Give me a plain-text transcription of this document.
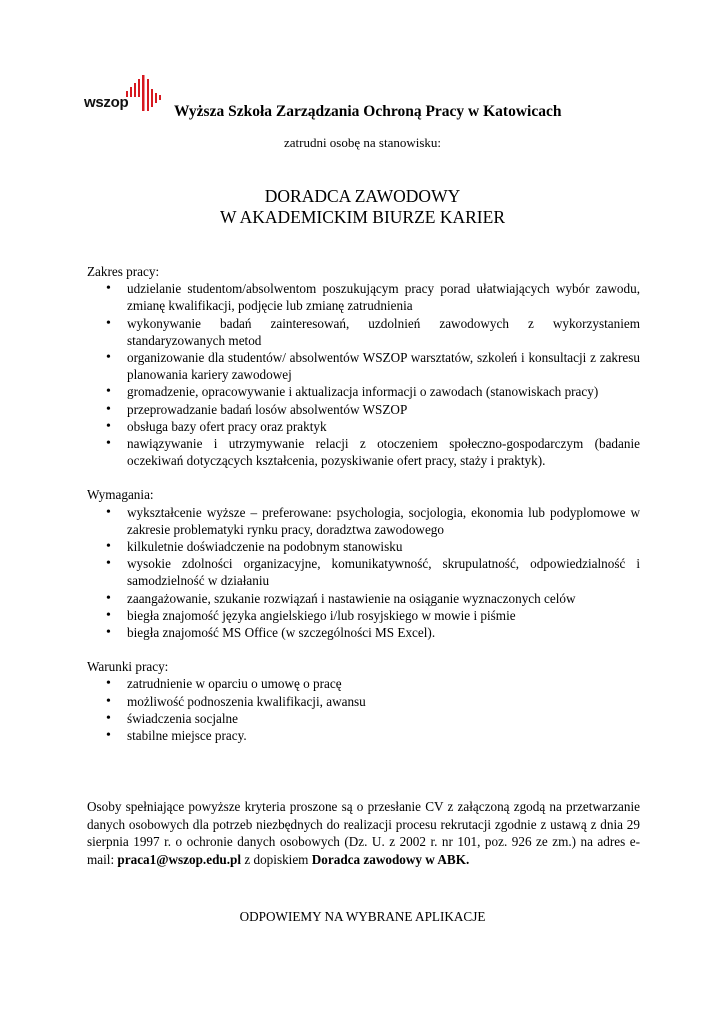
wszop
Wyższa Szkoła Zarządzania Ochroną Pracy w Katowicach
zatrudni osobę na stanowisku:
DORADCA ZAWODOWY
W AKADEMICKIM BIURZE KARIER

Zakres pracy:

• udzielanie studentom/absolwentom poszukującym pracy porad ułatwiających wybór zawodu, zmianę kwalifikacji, podjęcie lub zmianę zatrudnienia
• wykonywanie badań zainteresowań, uzdolnień zawodowych z wykorzystaniem standaryzowanych metod
• organizowanie dla studentów/ absolwentów WSZOP warsztatów, szkoleń i konsultacji z zakresu planowania kariery zawodowej
• gromadzenie, opracowywanie i aktualizacja informacji o zawodach (stanowiskach pracy)
• przeprowadzanie badań losów absolwentów WSZOP
• obsługa bazy ofert pracy oraz praktyk
• nawiązywanie i utrzymywanie relacji z otoczeniem społeczno-gospodarczym (badanie oczekiwań dotyczących kształcenia, pozyskiwanie ofert pracy, staży i praktyk).

Wymagania:

• wykształcenie wyższe – preferowane: psychologia, socjologia, ekonomia lub podyplomowe w zakresie problematyki rynku pracy, doradztwa zawodowego
• kilkuletnie doświadczenie na podobnym stanowisku
• wysokie zdolności organizacyjne, komunikatywność, skrupulatność, odpowiedzialność i samodzielność w działaniu
• zaangażowanie, szukanie rozwiązań i nastawienie na osiąganie wyznaczonych celów
• biegła znajomość języka angielskiego i/lub rosyjskiego w mowie i piśmie
• biegła znajomość MS Office (w szczególności MS Excel).

Warunki pracy:

• zatrudnienie w oparciu o umowę o pracę
• możliwość podnoszenia kwalifikacji, awansu
• świadczenia socjalne
• stabilne miejsce pracy.
Osoby spełniające powyższe kryteria proszone są o przesłanie CV z załączoną zgodą na przetwarzanie danych osobowych dla potrzeb niezbędnych do realizacji procesu rekrutacji zgodnie z ustawą z dnia 29 sierpnia 1997 r. o ochronie danych osobowych (Dz. U. z 2002 r. nr 101, poz. 926 ze zm.) na adres e-mail: praca1@wszop.edu.pl z dopiskiem Doradca zawodowy w ABK.
ODPOWIEMY NA WYBRANE APLIKACJE
